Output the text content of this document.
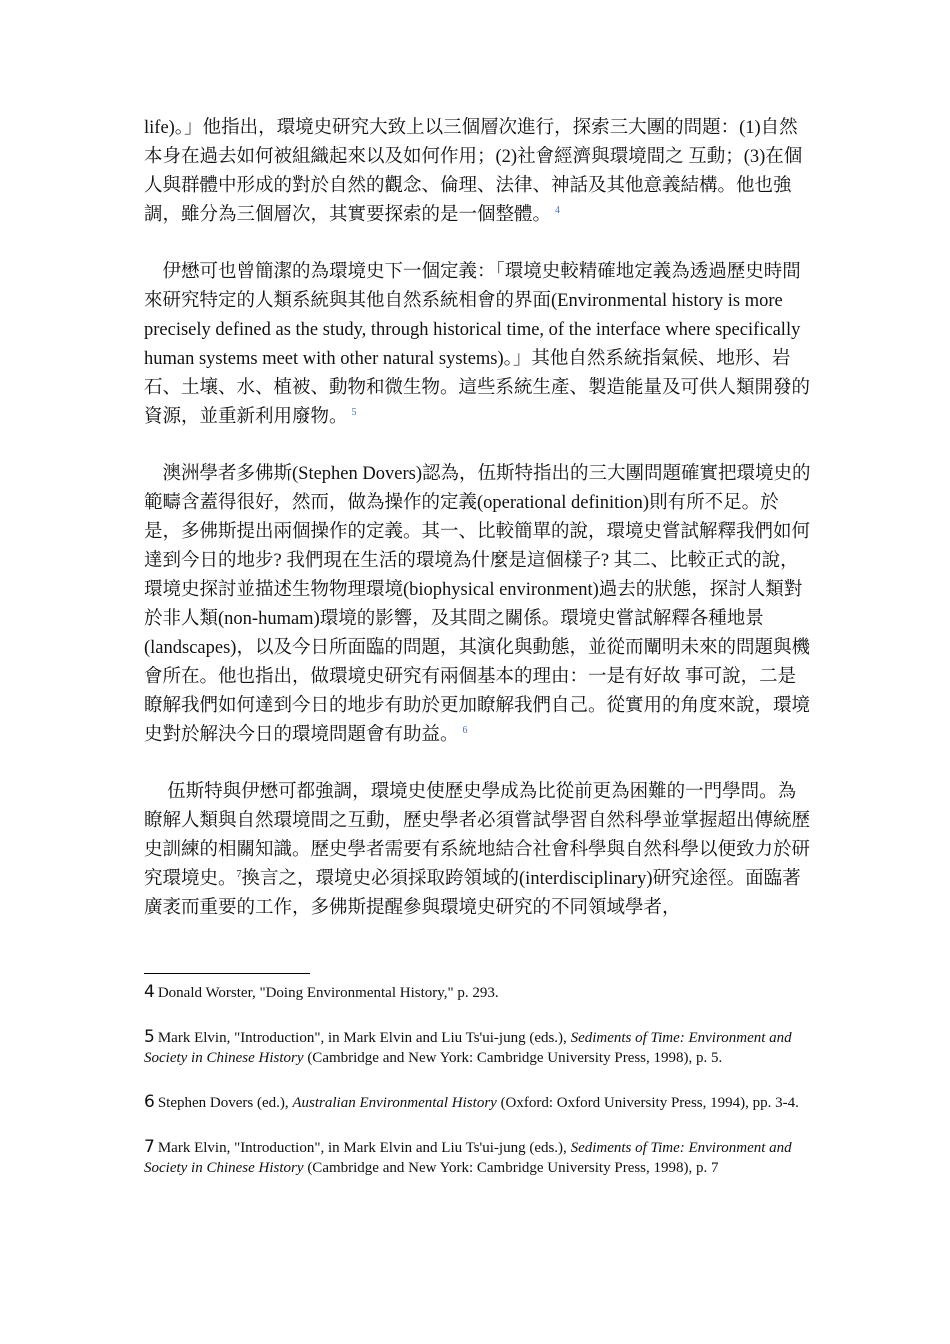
life)。」他指出，環境史研究大致上以三個層次進行，探索三大團的問題：(1)自然本身在過去如何被組織起來以及如何作用；(2)社會經濟與環境間之 互動；(3)在個人與群體中形成的對於自然的觀念、倫理、法律、神話及其他意義結構。他也強調，雖分為三個層次，其實要探索的是一個整體。 $^4$

　伊懋可也曾簡潔的為環境史下一個定義：「環境史較精確地定義為透過歷史時間來研究特定的人類系統與其他自然系統相會的界面(Environmental history is more precisely defined as the study, through historical time, of the interface where specifically human systems meet with other natural systems)。」其他自然系統指氣候、地形、岩石、土壤、水、植被、動物和微生物。這些系統生產、製造能量及可供人類開發的資源，並重新利用廢物。 $^5$

　澳洲學者多佛斯(Stephen Dovers)認為，伍斯特指出的三大團問題確實把環境史的範疇含蓋得很好，然而，做為操作的定義(operational definition)則有所不足。於是，多佛斯提出兩個操作的定義。其一、比較簡單的說，環境史嘗試解釋我們如何達到今日的地步? 我們現在生活的環境為什麼是這個樣子? 其二、比較正式的說，環境史探討並描述生物物理環境(biophysical environment)過去的狀態，探討人類對於非人類(non-humam)環境的影響，及其間之關係。環境史嘗試解釋各種地景 (landscapes)，以及今日所面臨的問題，其演化與動態，並從而闡明未來的問題與機會所在。他也指出，做環境史研究有兩個基本的理由：一是有好故 事可說，二是瞭解我們如何達到今日的地步有助於更加瞭解我們自己。從實用的角度來說，環境史對於解決今日的環境問題會有助益。 $^6$

　 伍斯特與伊懋可都強調，環境史使歷史學成為比從前更為困難的一門學問。為瞭解人類與自然環境間之互動，歷史學者必須嘗試學習自然科學並掌握超出傳統歷史訓練的相關知識。歷史學者需要有系統地結合社會科學與自然科學以便致力於研究環境史。$^7$換言之，環境史必須採取跨領域的(interdisciplinary)研究途徑。面臨著廣袤而重要的工作，多佛斯提醒參與環境史研究的不同領域學者，

4 Donald Worster, "Doing Environmental History," p. 293.
5 Mark Elvin, "Introduction", in Mark Elvin and Liu Ts'ui-jung (eds.), Sediments of Time: Environment and Society in Chinese History (Cambridge and New York: Cambridge University Press, 1998), p. 5.
6 Stephen Dovers (ed.), Australian Environmental History (Oxford: Oxford University Press, 1994), pp. 3-4.
7 Mark Elvin, "Introduction", in Mark Elvin and Liu Ts'ui-jung (eds.), Sediments of Time: Environment and Society in Chinese History (Cambridge and New York: Cambridge University Press, 1998), p. 7
